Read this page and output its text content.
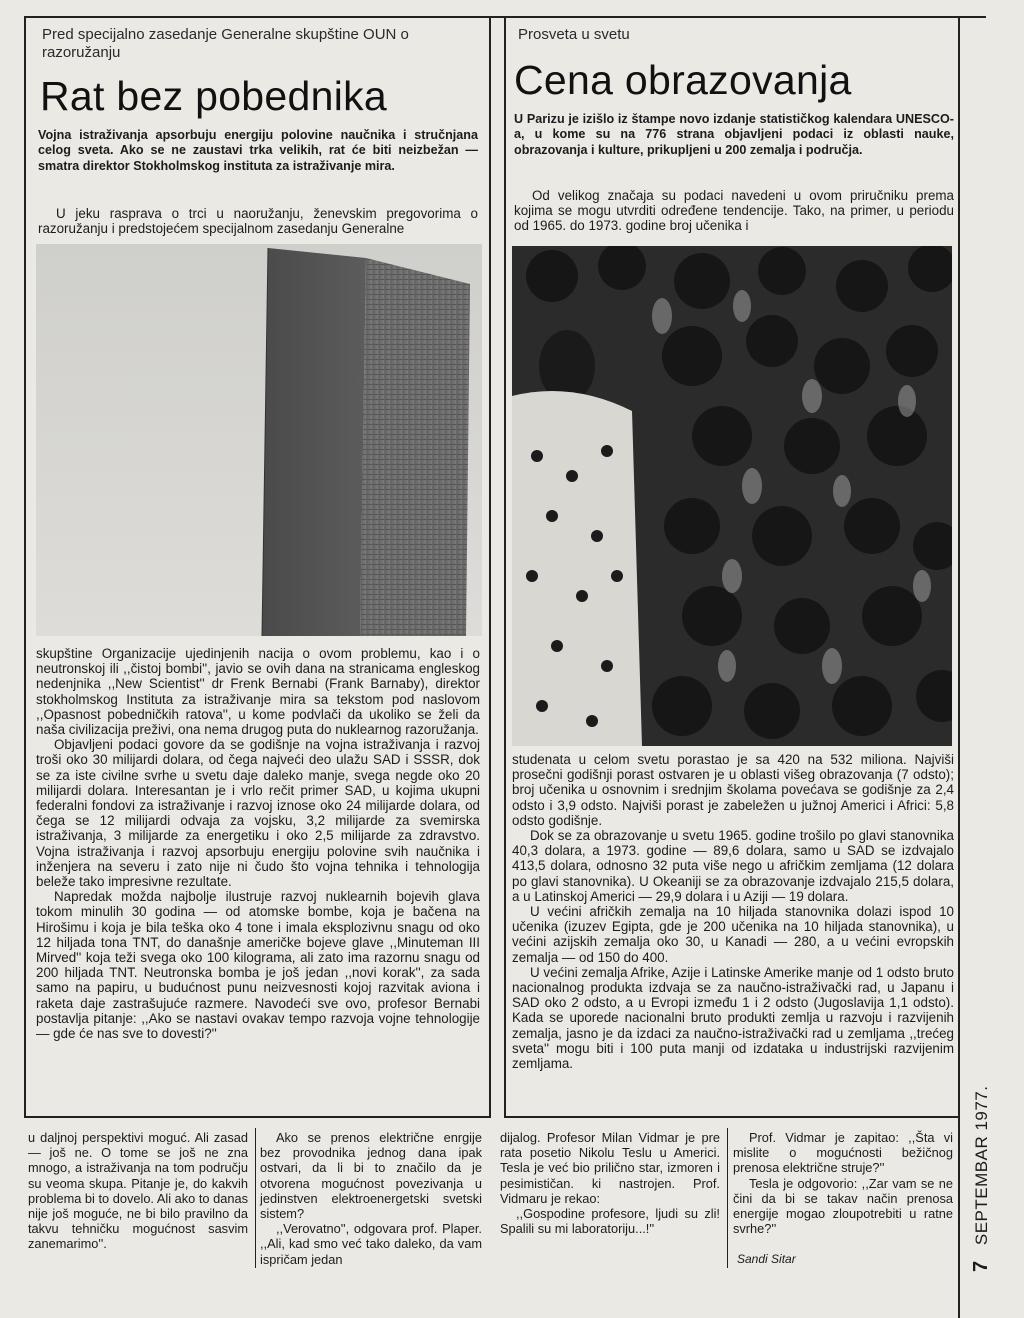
Pred specijalno zasedanje Generalne skupštine OUN o razoružanju
Rat bez pobednika
Vojna istraživanja apsorbuju energiju polovine naučnika i stručnjana celog sveta. Ako se ne zaustavi trka velikih, rat će biti neizbežan — smatra direktor Stokholmskog instituta za istraživanje mira.

U jeku rasprava o trci u naoružanju, ženevskim pregovorima o razoružanju i predstojećem specijalnom zasedanju Generalne

skupštine Organizacije ujedinjenih nacija o ovom problemu, kao i o neutronskoj ili ,,čistoj bombi'', javio se ovih dana na stranicama engleskog nedenjnika ,,New Scientist'' dr Frenk Bernabi (Frank Barnaby), direktor stokholmskog Instituta za istraživanje mira sa tekstom pod naslovom ,,Opasnost pobedničkih ratova'', u kome podvlači da ukoliko se želi da naša civilizacija preživi, ona nema drugog puta do nuklearnog razoružanja.

Objavljeni podaci govore da se godišnje na vojna istraživanja i razvoj troši oko 30 milijardi dolara, od čega najveći deo ulažu SAD i SSSR, dok se za iste civilne svrhe u svetu daje daleko manje, svega negde oko 20 milijardi dolara. Interesantan je i vrlo rečit primer SAD, u kojima ukupni federalni fondovi za istraživanje i razvoj iznose oko 24 milijarde dolara, od čega se 12 milijardi odvaja za vojsku, 3,2 milijarde za svemirska istraživanja, 3 milijarde za energetiku i oko 2,5 milijarde za zdravstvo. Vojna istraživanja i razvoj apsorbuju energiju polovine svih naučnika i inženjera na severu i zato nije ni čudo što vojna tehnika i tehnologija beleže tako impresivne rezultate.

Napredak možda najbolje ilustruje razvoj nuklearnih bojevih glava tokom minulih 30 godina — od atomske bombe, koja je bačena na Hirošimu i koja je bila teška oko 4 tone i imala eksplozivnu snagu od oko 12 hiljada tona TNT, do današnje američke bojeve glave ,,Minuteman III Mirved'' koja teži svega oko 100 kilograma, ali zato ima razornu snagu od 200 hiljada TNT. Neutronska bomba je još jedan ,,novi korak'', za sada samo na papiru, u budućnost punu neizvesnosti kojoj razvitak aviona i raketa daje zastrašujuće razmere. Navodeći sve ovo, profesor Bernabi postavlja pitanje: ,,Ako se nastavi ovakav tempo razvoja vojne tehnologije — gde će nas sve to dovesti?''

Prosveta u svetu
Cena obrazovanja
U Parizu je izišlo iz štampe novo izdanje statističkog kalendara UNESCO-a, u kome su na 776 strana objavljeni podaci iz oblasti nauke, obrazovanja i kulture, prikupljeni u 200 zemalja i područja.

Od velikog značaja su podaci navedeni u ovom priručniku prema kojima se mogu utvrditi određene tendencije. Tako, na primer, u periodu od 1965. do 1973. godine broj učenika i

studenata u celom svetu porastao je sa 420 na 532 miliona. Najviši prosečni godišnji porast ostvaren je u oblasti višeg obrazovanja (7 odsto); broj učenika u osnovnim i srednjim školama povećava se godišnje za 2,4 odsto i 3,9 odsto. Najviši porast je zabeležen u južnoj Americi i Africi: 5,8 odsto godišnje.

Dok se za obrazovanje u svetu 1965. godine trošilo po glavi stanovnika 40,3 dolara, a 1973. godine — 89,6 dolara, samo u SAD se izdvajalo 413,5 dolara, odnosno 32 puta više nego u afričkim zemljama (12 dolara po glavi stanovnika). U Okeaniji se za obrazovanje izdvajalo 215,5 dolara, a u Latinskoj Americi — 29,9 dolara i u Aziji — 19 dolara.

U većini afričkih zemalja na 10 hiljada stanovnika dolazi ispod 10 učenika (izuzev Egipta, gde je 200 učenika na 10 hiljada stanovnika), u većini azijskih zemalja oko 30, u Kanadi — 280, a u većini evropskih zemalja — od 150 do 400.

U većini zemalja Afrike, Azije i Latinske Amerike manje od 1 odsto bruto nacionalnog produkta izdvaja se za naučno-istraživački rad, u Japanu i SAD oko 2 odsto, a u Evropi između 1 i 2 odsto (Jugoslavija 1,1 odsto). Kada se uporede nacionalni bruto produkti zemlja u razvoju i razvijenih zemalja, jasno je da izdaci za naučno-istraživački rad u zemljama ,,trećeg sveta'' mogu biti i 100 puta manji od izdataka u industrijski razvijenim zemljama.

u daljnoj perspektivi moguć. Ali zasad — još ne. O tome se još ne zna mnogo, a istraživanja na tom području su veoma skupa. Pitanje je, do kakvih problema bi to dovelo. Ali ako to danas nije još moguće, ne bi bilo pravilno da takvu tehničku mogućnost sasvim zanemarimo''.

Ako se prenos električne enrgije bez provodnika jednog dana ipak ostvari, da li bi to značilo da je otvorena mogućnost povezivanja u jedinstven elektroenergetski svetski sistem?

,,Verovatno'', odgovara prof. Plaper. ,,Ali, kad smo već tako daleko, da vam ispričam jedan

dijalog. Profesor Milan Vidmar je pre rata posetio Nikolu Teslu u Americi. Tesla je već bio prilično star, izmoren i pesimističan. ki nastrojen. Prof. Vidmaru je rekao:

,,Gospodine profesore, ljudi su zli! Spalili su mi laboratoriju...!''

Prof. Vidmar je zapitao: ,,Šta vi mislite o mogućnosti bežičnog prenosa električne struje?''

Tesla je odgovorio: ,,Zar vam se ne čini da bi se takav način prenosa energije mogao zloupotrebiti u ratne svrhe?''

Sandi Sitar
7 SEPTEMBAR 1977.
